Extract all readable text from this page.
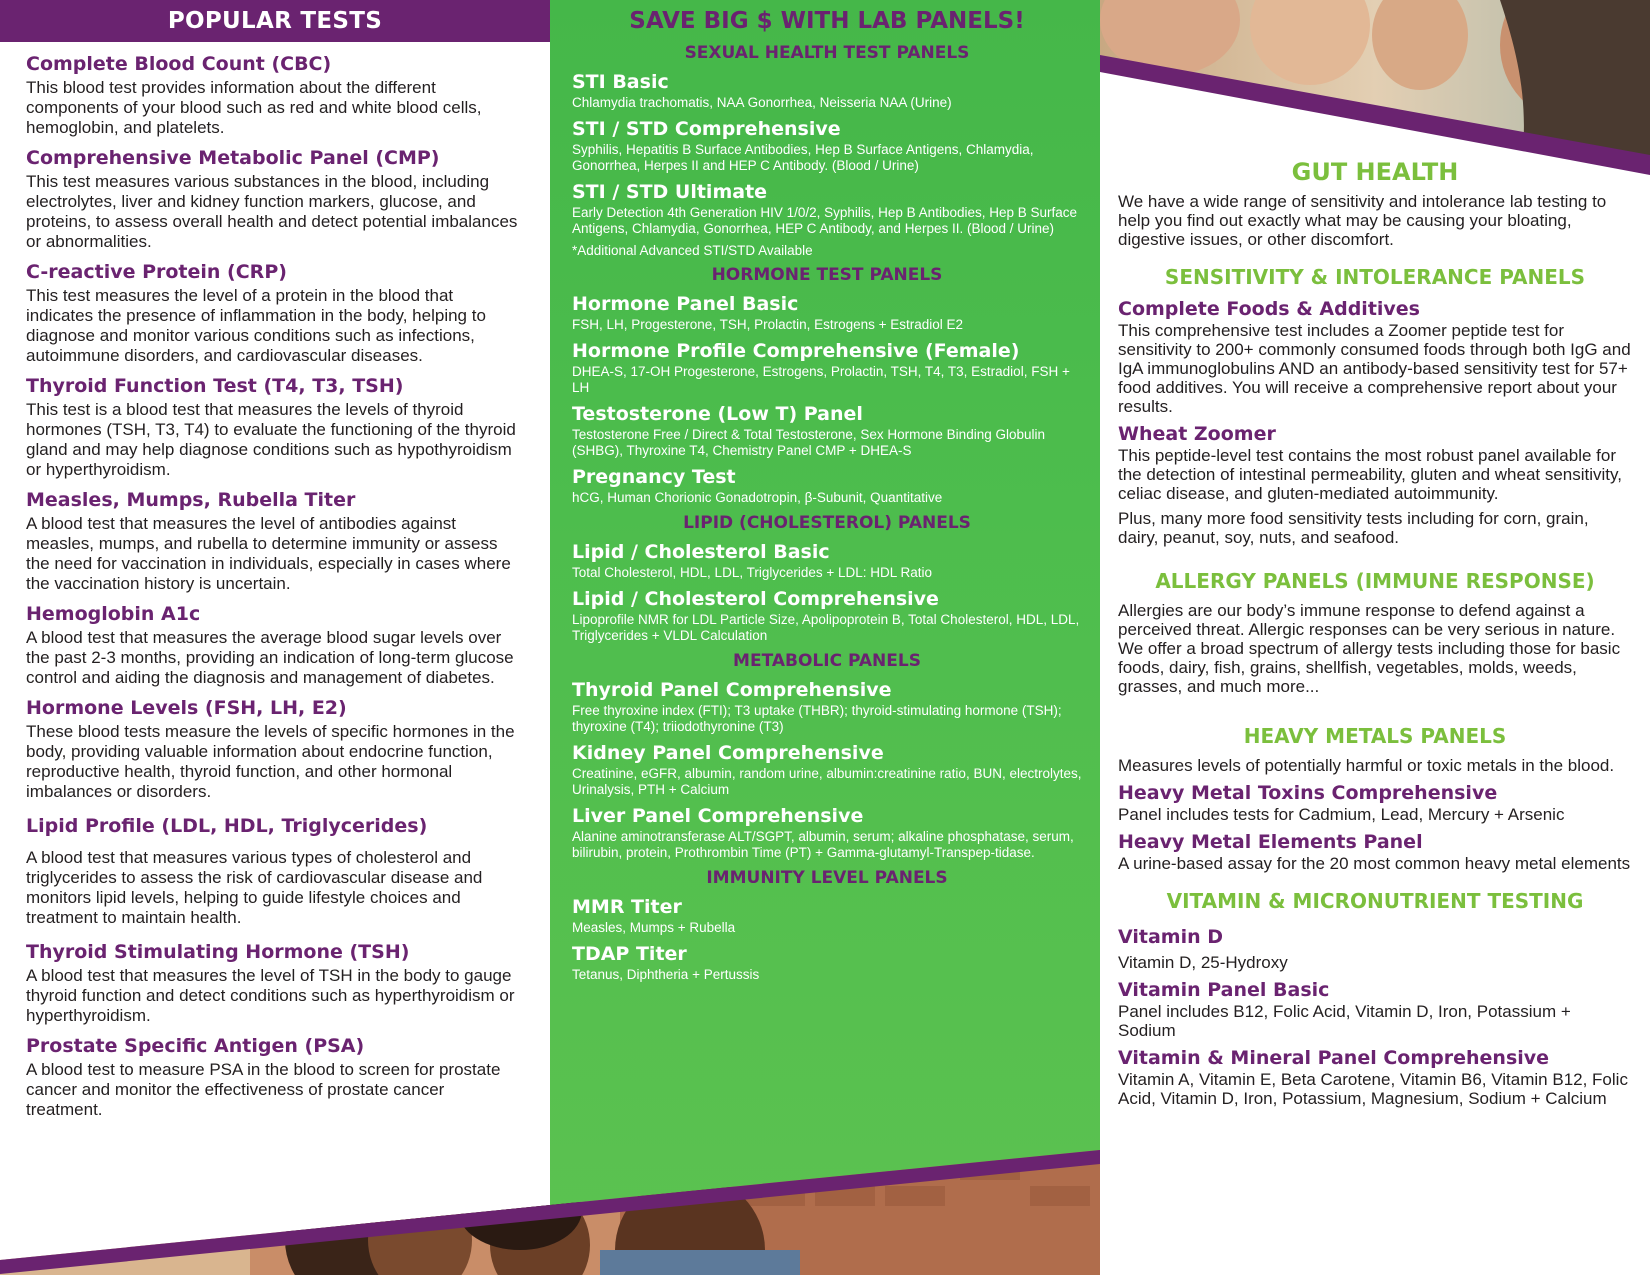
POPULAR TESTS
Complete Blood Count (CBC)
This blood test provides information about the different components of your blood such as red and white blood cells, hemoglobin, and platelets.
Comprehensive Metabolic Panel (CMP)
This test measures various substances in the blood, including electrolytes, liver and kidney function markers, glucose, and proteins, to assess overall health and detect potential imbalances or abnormalities.
C-reactive Protein (CRP)
This test measures the level of a protein in the blood that indicates the presence of inflammation in the body, helping to diagnose and monitor various conditions such as infections, autoimmune disorders, and cardiovascular diseases.
Thyroid Function Test (T4, T3, TSH)
This test is a blood test that measures the levels of thyroid hormones (TSH, T3, T4) to evaluate the functioning of the thyroid gland and may help diagnose conditions such as hypothyroidism or hyperthyroidism.
Measles, Mumps, Rubella Titer
A blood test that measures the level of antibodies against measles, mumps, and rubella to determine immunity or assess the need for vaccination in individuals, especially in cases where the vaccination history is uncertain.
Hemoglobin A1c
A blood test that measures the average blood sugar levels over the past 2-3 months, providing an indication of long-term glucose control and aiding the diagnosis and management of diabetes.
Hormone Levels (FSH, LH, E2)
These blood tests measure the levels of specific hormones in the body, providing valuable information about endocrine function, reproductive health, thyroid function, and other hormonal imbalances or disorders.
Lipid Profile (LDL, HDL, Triglycerides)
A blood test that measures various types of cholesterol and triglycerides to assess the risk of cardiovascular disease and monitors lipid levels, helping to guide lifestyle choices and treatment to maintain health.
Thyroid Stimulating Hormone (TSH)
A blood test that measures the level of TSH in the body to gauge thyroid function and detect conditions such as hyperthyroidism or hyperthyroidism.
Prostate Specific Antigen (PSA)
A blood test to measure PSA in the blood to screen for prostate cancer and monitor the effectiveness of prostate cancer treatment.
SAVE BIG $ WITH LAB PANELS!
SEXUAL HEALTH TEST PANELS
STI Basic
Chlamydia trachomatis, NAA Gonorrhea, Neisseria NAA (Urine)
STI / STD Comprehensive
Syphilis, Hepatitis B Surface Antibodies, Hep B Surface Antigens, Chlamydia, Gonorrhea, Herpes II and HEP C Antibody. (Blood / Urine)
STI / STD Ultimate
Early Detection 4th Generation HIV 1/0/2, Syphilis, Hep B Antibodies, Hep B Surface Antigens, Chlamydia, Gonorrhea, HEP C Antibody, and Herpes II. (Blood / Urine)
*Additional Advanced STI/STD Available
HORMONE TEST PANELS
Hormone Panel Basic
FSH, LH, Progesterone, TSH, Prolactin, Estrogens + Estradiol E2
Hormone Profile Comprehensive (Female)
DHEA-S, 17-OH Progesterone, Estrogens, Prolactin, TSH, T4, T3, Estradiol, FSH + LH
Testosterone (Low T) Panel
Testosterone Free / Direct & Total Testosterone, Sex Hormone Binding Globulin (SHBG), Thyroxine T4, Chemistry Panel CMP + DHEA-S
Pregnancy Test
hCG, Human Chorionic Gonadotropin, β-Subunit, Quantitative
LIPID (CHOLESTEROL) PANELS
Lipid / Cholesterol Basic
Total Cholesterol, HDL, LDL, Triglycerides + LDL: HDL Ratio
Lipid / Cholesterol Comprehensive
Lipoprofile NMR for LDL Particle Size, Apolipoprotein B, Total Cholesterol, HDL, LDL, Triglycerides + VLDL Calculation
METABOLIC PANELS
Thyroid Panel Comprehensive
Free thyroxine index (FTI); T3 uptake (THBR); thyroid-stimulating hormone (TSH); thyroxine (T4); triiodothyronine (T3)
Kidney Panel Comprehensive
Creatinine, eGFR, albumin, random urine, albumin:creatinine ratio, BUN, electrolytes, Urinalysis, PTH + Calcium
Liver Panel Comprehensive
Alanine aminotransferase ALT/SGPT, albumin, serum; alkaline phosphatase, serum, bilirubin, protein, Prothrombin Time (PT) + Gamma-glutamyl-Transpep-tidase.
IMMUNITY LEVEL PANELS
MMR Titer
Measles, Mumps + Rubella
TDAP Titer
Tetanus, Diphtheria + Pertussis
GUT HEALTH
We have a wide range of sensitivity and intolerance lab testing to help you find out exactly what may be causing your bloating, digestive issues, or other discomfort.
SENSITIVITY & INTOLERANCE PANELS
Complete Foods & Additives
This comprehensive test includes a Zoomer peptide test for sensitivity to 200+ commonly consumed foods through both IgG and IgA immunoglobulins AND an antibody-based sensitivity test for 57+ food additives. You will receive a comprehensive report about your results.
Wheat Zoomer
This peptide-level test contains the most robust panel available for the detection of intestinal permeability, gluten and wheat sensitivity, celiac disease, and gluten-mediated autoimmunity.
Plus, many more food sensitivity tests including for corn, grain, dairy, peanut, soy, nuts, and seafood.
ALLERGY PANELS (IMMUNE RESPONSE)
Allergies are our body’s immune response to defend against a perceived threat. Allergic responses can be very serious in nature. We offer a broad spectrum of allergy tests including those for basic foods, dairy, fish, grains, shellfish, vegetables, molds, weeds, grasses, and much more...
HEAVY METALS PANELS
Measures levels of potentially harmful or toxic metals in the blood.
Heavy Metal Toxins Comprehensive
Panel includes tests for Cadmium, Lead, Mercury + Arsenic
Heavy Metal Elements Panel
A urine-based assay for the 20 most common heavy metal elements
VITAMIN & MICRONUTRIENT TESTING
Vitamin D
Vitamin D, 25-Hydroxy
Vitamin Panel Basic
Panel includes B12, Folic Acid, Vitamin D, Iron, Potassium + Sodium
Vitamin & Mineral Panel Comprehensive
Vitamin A, Vitamin E, Beta Carotene, Vitamin B6, Vitamin B12, Folic Acid, Vitamin D, Iron, Potassium, Magnesium, Sodium + Calcium
